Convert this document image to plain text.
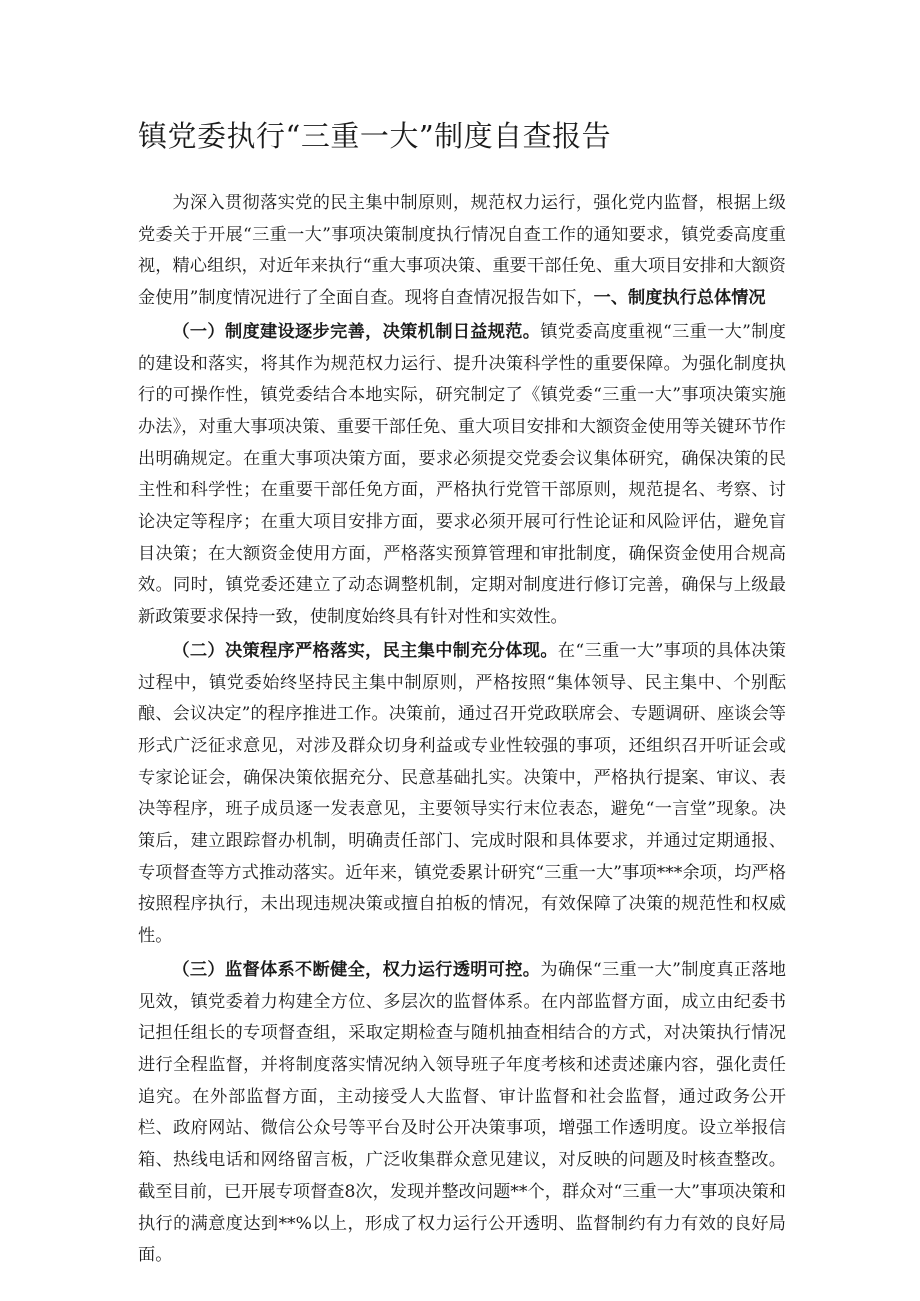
镇党委执行“三重一大”制度自查报告

为深入贯彻落实党的民主集中制原则，规范权力运行，强化党内监督，根据上级党委关于开展“三重一大”事项决策制度执行情况自查工作的通知要求，镇党委高度重视，精心组织，对近年来执行“重大事项决策、重要干部任免、重大项目安排和大额资金使用”制度情况进行了全面自查。现将自查情况报告如下，一、制度执行总体情况

（一）制度建设逐步完善，决策机制日益规范。镇党委高度重视“三重一大”制度的建设和落实，将其作为规范权力运行、提升决策科学性的重要保障。为强化制度执行的可操作性，镇党委结合本地实际，研究制定了《镇党委“三重一大”事项决策实施办法》，对重大事项决策、重要干部任免、重大项目安排和大额资金使用等关键环节作出明确规定。在重大事项决策方面，要求必须提交党委会议集体研究，确保决策的民主性和科学性；在重要干部任免方面，严格执行党管干部原则，规范提名、考察、讨论决定等程序；在重大项目安排方面，要求必须开展可行性论证和风险评估，避免盲目决策；在大额资金使用方面，严格落实预算管理和审批制度，确保资金使用合规高效。同时，镇党委还建立了动态调整机制，定期对制度进行修订完善，确保与上级最新政策要求保持一致，使制度始终具有针对性和实效性。

（二）决策程序严格落实，民主集中制充分体现。在“三重一大”事项的具体决策过程中，镇党委始终坚持民主集中制原则，严格按照“集体领导、民主集中、个别酝酿、会议决定”的程序推进工作。决策前，通过召开党政联席会、专题调研、座谈会等形式广泛征求意见，对涉及群众切身利益或专业性较强的事项，还组织召开听证会或专家论证会，确保决策依据充分、民意基础扎实。决策中，严格执行提案、审议、表决等程序，班子成员逐一发表意见，主要领导实行末位表态，避免“一言堂”现象。决策后，建立跟踪督办机制，明确责任部门、完成时限和具体要求，并通过定期通报、专项督查等方式推动落实。近年来，镇党委累计研究“三重一大”事项***余项，均严格按照程序执行，未出现违规决策或擅自拍板的情况，有效保障了决策的规范性和权威性。

（三）监督体系不断健全，权力运行透明可控。为确保“三重一大”制度真正落地见效，镇党委着力构建全方位、多层次的监督体系。在内部监督方面，成立由纪委书记担任组长的专项督查组，采取定期检查与随机抽查相结合的方式，对决策执行情况进行全程监督，并将制度落实情况纳入领导班子年度考核和述责述廉内容，强化责任追究。在外部监督方面，主动接受人大监督、审计监督和社会监督，通过政务公开栏、政府网站、微信公众号等平台及时公开决策事项，增强工作透明度。设立举报信箱、热线电话和网络留言板，广泛收集群众意见建议，对反映的问题及时核查整改。截至目前，已开展专项督查8次，发现并整改问题**个，群众对“三重一大”事项决策和执行的满意度达到**%以上，形成了权力运行公开透明、监督制约有力有效的良好局面。
